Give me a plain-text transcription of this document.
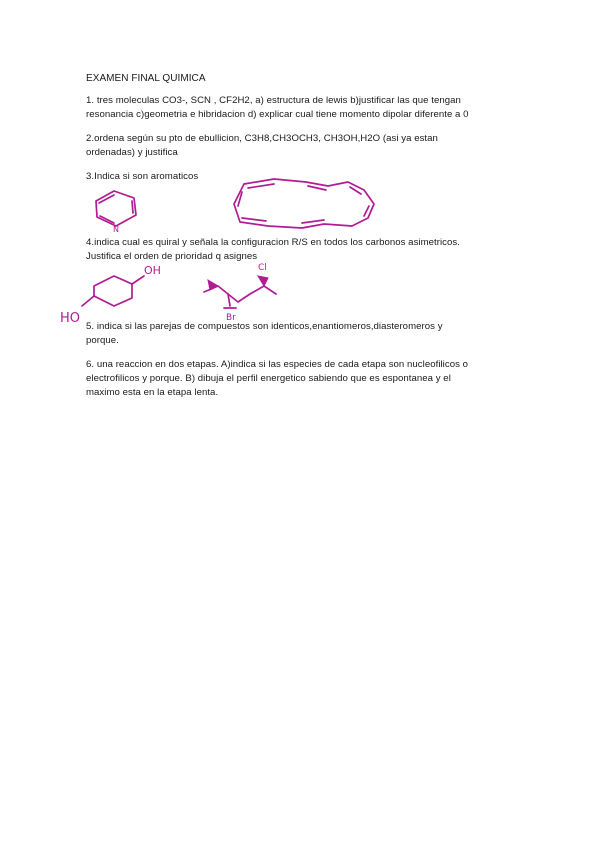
EXAMEN FINAL QUIMICA
1. tres moleculas CO3-, SCN , CF2H2, a) estructura de lewis b)justificar las que tengan
resonancia c)geometria e hibridacion d) explicar cual tiene momento dipolar diferente a 0
2.ordena según su pto de ebullicion, C3H8,CH3OCH3, CH3OH,H2O (asi ya estan
ordenadas) y justifica
3.Indica si son aromaticos
N
4.indica cual es quiral y señala la configuracion R/S en todos los carbonos asimetricos.
Justifica el orden de prioridad q asignes
OH
HO
Cl
Br
5. indica si las parejas de compuestos son identicos,enantiomeros,diasteromeros y
porque.
6. una reaccion en dos etapas. A)indica si las especies de cada etapa son nucleofilicos o
electrofilicos y porque. B) dibuja el perfil energetico sabiendo que es espontanea y el
maximo esta en la etapa lenta.
